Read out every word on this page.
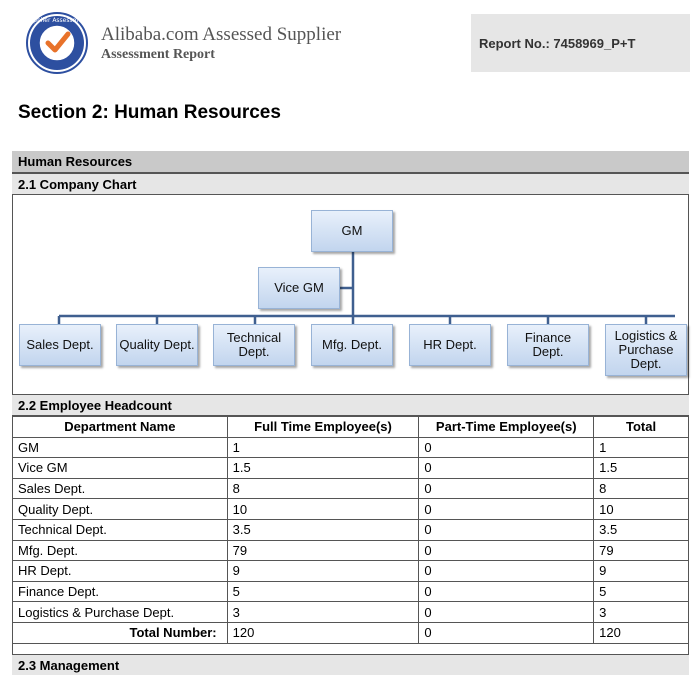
Supplier Assessment
Alibaba.com Assessed Supplier
Assessment Report
Report No.: 7458969_P+T
Section 2: Human Resources
Human Resources
2.1 Company Chart
GM
Vice GM
Sales Dept.	Quality Dept.	Technical Dept.	Mfg. Dept.	HR Dept.	Finance Dept.
Logistics & Purchase Dept.
2.2 Employee Headcount
Department Name	Full Time Employee(s)	Part-Time Employee(s)	Total
GM	1	0	1
Vice GM	1.5	0	1.5
Sales Dept.	8	0	8
Quality Dept.	10	0	10
Technical Dept.	3.5	0	3.5
Mfg. Dept.	79	0	79
HR Dept.	9	0	9
Finance Dept.	5	0	5
Logistics & Purchase Dept.	3	0	3
Total Number:	120	0	120
2.3 Management
